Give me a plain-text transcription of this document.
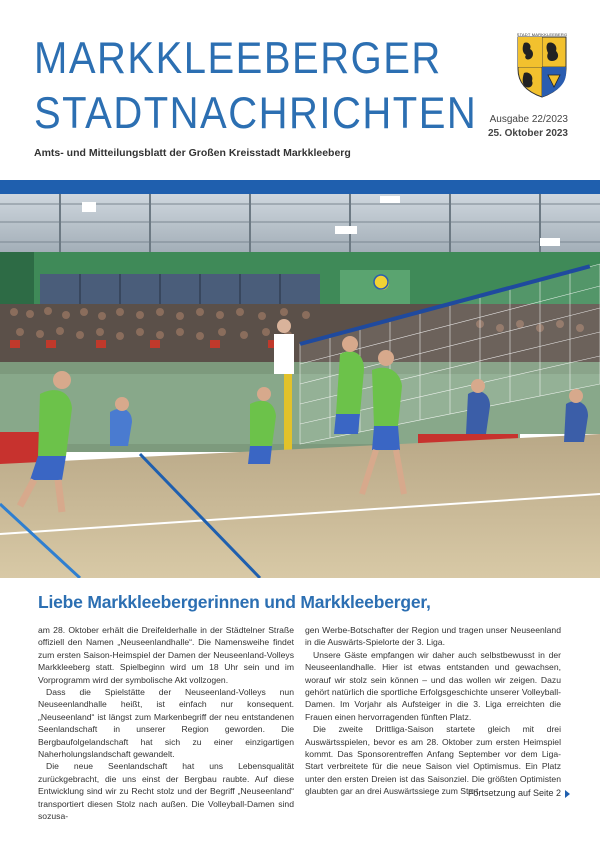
MARKKLEEBERGER
STADTNACHRICHTEN
STADT MARKKLEEBERG
Ausgabe 22/2023
25. Oktober 2023
Amts- und Mitteilungsblatt der Großen Kreisstadt Markkleeberg
Liebe Markkleebergerinnen und Markkleeberger,

am 28. Oktober erhält die Dreifelderhalle in der Städtelner Straße offiziell den Namen „Neuseenlandhalle“. Die Namensweihe findet zum ersten Saison-Heimspiel der Damen der Neuseenland-Volleys Markkleeberg statt. Spielbeginn wird um 18 Uhr sein und im Vorprogramm wird der symbolische Akt vollzogen.

Dass die Spielstätte der Neuseenland-Volleys nun Neuseenlandhalle heißt, ist einfach nur konsequent. „Neuseenland“ ist längst zum Markenbegriff der neu entstandenen Seenlandschaft in unserer Region geworden. Die Bergbaufolgelandschaft hat sich zu einer einzigartigen Naherholungslandschaft gewandelt.

Die neue Seenlandschaft hat uns Lebensqualität zurückgebracht, die uns einst der Bergbau raubte. Auf diese Entwicklung sind wir zu Recht stolz und der Begriff „Neuseenland“ transportiert diesen Stolz nach außen. Die Volleyball-Damen sind sozusa-

gen Werbe-Botschafter der Region und tragen unser Neuseenland in die Auswärts-Spielorte der 3. Liga.

Unsere Gäste empfangen wir daher auch selbstbewusst in der Neuseenlandhalle. Hier ist etwas entstanden und gewachsen, worauf wir stolz sein können – und das wollen wir zeigen. Dazu gehört natürlich die sportliche Erfolgsgeschichte unserer Volleyball-Damen. Im Vorjahr als Aufsteiger in die 3. Liga erreichten die Frauen einen hervorragenden fünften Platz.

Die zweite Drittliga-Saison startete gleich mit drei Auswärtsspielen, bevor es am 28. Oktober zum ersten Heimspiel kommt. Das Sponsorentreffen Anfang September vor dem Liga-Start verbreitete für die neue Saison viel Optimismus. Ein Platz unter den ersten Dreien ist das Saisonziel. Die größten Optimisten glaubten gar an drei Auswärtssiege zum Start.

Fortsetzung auf Seite 2
